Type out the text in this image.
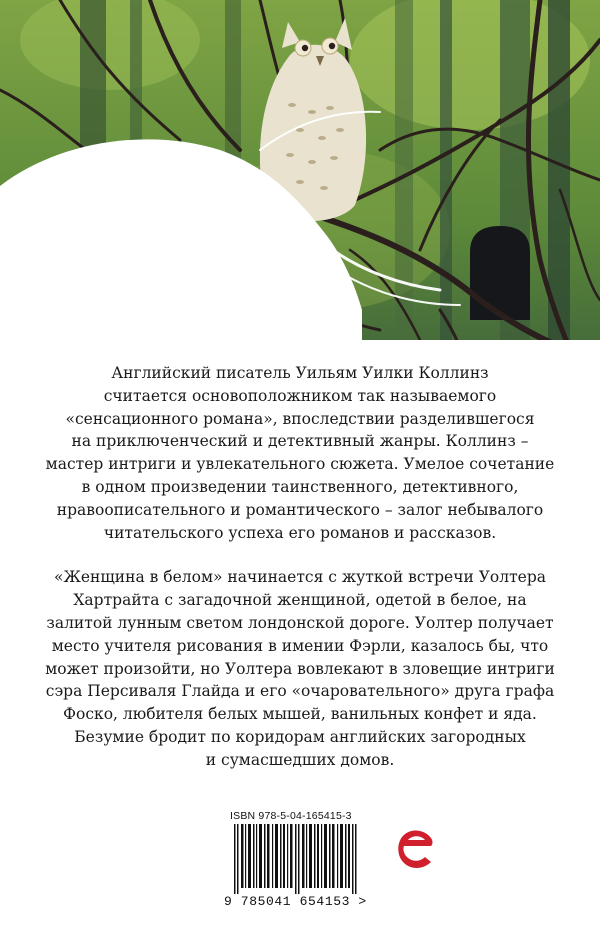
Английский писатель Уильям Уилки Коллинз
считается основоположником так называемого
«сенсационного романа», впоследствии разделившегося
на приключенческий и детективный жанры. Коллинз –
мастер интриги и увлекательного сюжета. Умелое сочетание
в одном произведении таинственного, детективного,
нравоописательного и романтического – залог небывалого
читательского успеха его романов и рассказов.

«Женщина в белом» начинается с жуткой встречи Уолтера
Хартрайта с загадочной женщиной, одетой в белое, на
залитой лунным светом лондонской дороге. Уолтер получает
место учителя рисования в имении Фэрли, казалось бы, что
может произойти, но Уолтера вовлекают в зловещие интриги
сэра Персиваля Глайда и его «очаровательного» друга графа
Фоско, любителя белых мышей, ванильных конфет и яда.
Безумие бродит по коридорам английских загородных
и сумасшедших домов.

ISBN 978-5-04-165415-3
9 785041 654153 >
